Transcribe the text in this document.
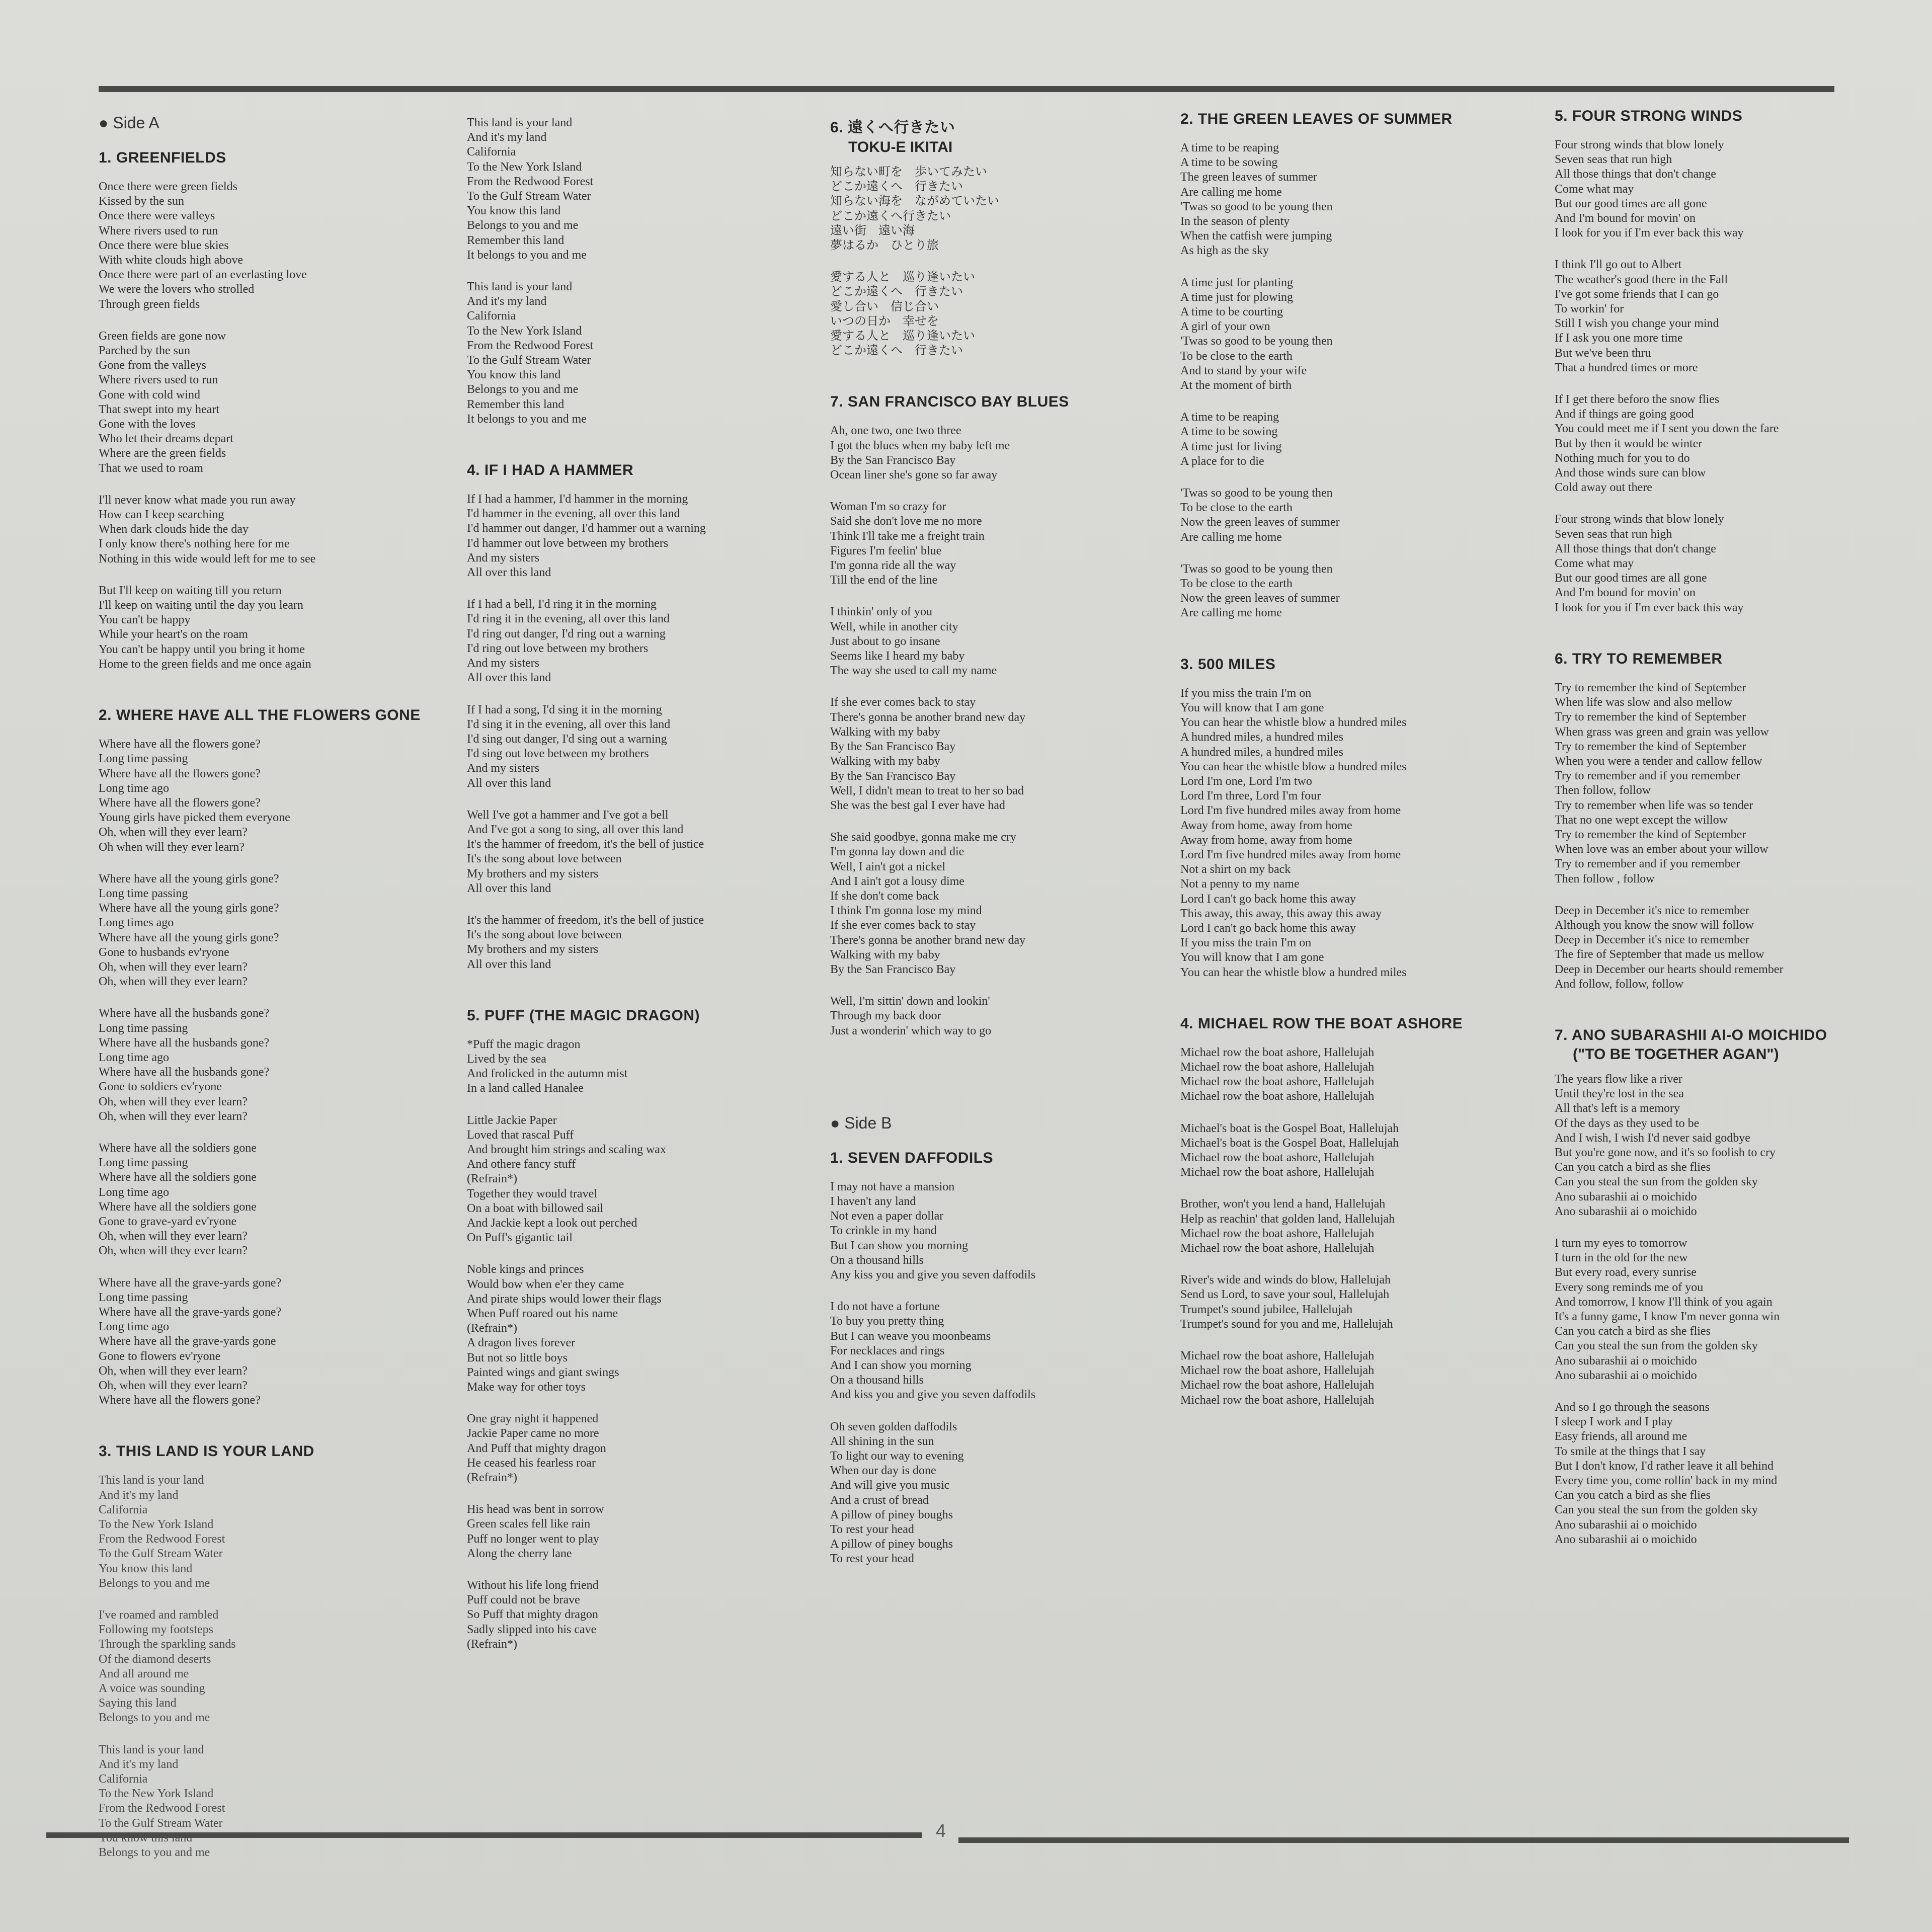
● Side A
1. GREENFIELDS
Once there were green fields
Kissed by the sun
Once there were valleys
Where rivers used to run
Once there were blue skies
With white clouds high above
Once there were part of an everlasting love
We were the lovers who strolled
Through green fields
Green fields are gone now
Parched by the sun
Gone from the valleys
Where rivers used to run
Gone with cold wind
That swept into my heart
Gone with the loves
Who let their dreams depart
Where are the green fields
That we used to roam
I'll never know what made you run away
How can I keep searching
When dark clouds hide the day
I only know there's nothing here for me
Nothing in this wide would left for me to see
But I'll keep on waiting till you return
I'll keep on waiting until the day you learn
You can't be happy
While your heart's on the roam
You can't be happy until you bring it home
Home to the green fields and me once again
2. WHERE HAVE ALL THE FLOWERS GONE
Where have all the flowers gone?
Long time passing
Where have all the flowers gone?
Long time ago
Where have all the flowers gone?
Young girls have picked them everyone
Oh, when will they ever learn?
Oh when will they ever learn?
Where have all the young girls gone?
Long time passing
Where have all the young girls gone?
Long times ago
Where have all the young girls gone?
Gone to husbands ev'ryone
Oh, when will they ever learn?
Oh, when will they ever learn?
Where have all the husbands gone?
Long time passing
Where have all the husbands gone?
Long time ago
Where have all the husbands gone?
Gone to soldiers ev'ryone
Oh, when will they ever learn?
Oh, when will they ever learn?
Where have all the soldiers gone
Long time passing
Where have all the soldiers gone
Long time ago
Where have all the soldiers gone
Gone to grave-yard ev'ryone
Oh, when will they ever learn?
Oh, when will they ever learn?
Where have all the grave-yards gone?
Long time passing
Where have all the grave-yards gone?
Long time ago
Where have all the grave-yards gone
Gone to flowers ev'ryone
Oh, when will they ever learn?
Oh, when will they ever learn?
Where have all the flowers gone?
3. THIS LAND IS YOUR LAND
This land is your land
And it's my land
California
To the New York Island
From the Redwood Forest
To the Gulf Stream Water
You know this land
Belongs to you and me
I've roamed and rambled
Following my footsteps
Through the sparkling sands
Of the diamond deserts
And all around me
A voice was sounding
Saying this land
Belongs to you and me
This land is your land
And it's my land
California
To the New York Island
From the Redwood Forest
To the Gulf Stream Water
Belongs to you and me
This land is your land
And it's my land
California
To the New York Island
From the Redwood Forest
To the Gulf Stream Water
You know this land
Belongs to you and me
Remember this land
It belongs to you and me
This land is your land
And it's my land
California
To the New York Island
From the Redwood Forest
To the Gulf Stream Water
You know this land
Belongs to you and me
Remember this land
It belongs to you and me
4. IF I HAD A HAMMER
If I had a hammer, I'd hammer in the morning
I'd hammer in the evening, all over this land
I'd hammer out danger, I'd hammer out a warning
I'd hammer out love between my brothers
And my sisters
All over this land
If I had a bell, I'd ring it in the morning
I'd ring it in the evening, all over this land
I'd ring out danger, I'd ring out a warning
I'd ring out love between my brothers
And my sisters
All over this land
If I had a song, I'd sing it in the morning
I'd sing it in the evening, all over this land
I'd sing out danger, I'd sing out a warning
I'd sing out love between my brothers
And my sisters
All over this land
Well I've got a hammer and I've got a bell
And I've got a song to sing, all over this land
It's the hammer of freedom, it's the bell of justice
It's the song about love between
My brothers and my sisters
All over this land
It's the hammer of freedom, it's the bell of justice
It's the song about love between
My brothers and my sisters
All over this land
5. PUFF (THE MAGIC DRAGON)
*Puff the magic dragon
Lived by the sea
And frolicked in the autumn mist
In a land called Hanalee
Little Jackie Paper
Loved that rascal Puff
And brought him strings and scaling wax
And othere fancy stuff
(Refrain*)
Together they would travel
On a boat with billowed sail
And Jackie kept a look out perched
On Puff's gigantic tail
Noble kings and princes
Would bow when e'er they came
And pirate ships would lower their flags
When Puff roared out his name
(Refrain*)
A dragon lives forever
But not so little boys
Painted wings and giant swings
Make way for other toys
One gray night it happened
Jackie Paper came no more
And Puff that mighty dragon
He ceased his fearless roar
(Refrain*)
His head was bent in sorrow
Green scales fell like rain
Puff no longer went to play
Along the cherry lane
Without his life long friend
Puff could not be brave
So Puff that mighty dragon
Sadly slipped into his cave
(Refrain*)
6. 遠くへ行きたい
TOKU-E IKITAI
知らない町を　歩いてみたい
どこか遠くへ　行きたい
知らない海を　ながめていたい
どこか遠くへ行きたい
遠い街　遠い海
夢はるか　ひとり旅
愛する人と　巡り逢いたい
どこか遠くへ　行きたい
愛し合い　信じ合い
いつの日か　幸せを
愛する人と　巡り逢いたい
どこか遠くへ　行きたい
7. SAN FRANCISCO BAY BLUES
Ah, one two, one two three
I got the blues when my baby left me
By the San Francisco Bay
Ocean liner she's gone so far away
Woman I'm so crazy for
Said she don't love me no more
Think I'll take me a freight train
Figures I'm feelin' blue
I'm gonna ride all the way
Till the end of the line
I thinkin' only of you
Well, while in another city
Just about to go insane
Seems like I heard my baby
The way she used to call my name
If she ever comes back to stay
There's gonna be another brand new day
Walking with my baby
By the San Francisco Bay
Walking with my baby
By the San Francisco Bay
Well, I didn't mean to treat to her so bad
She was the best gal I ever have had
She said goodbye, gonna make me cry
I'm gonna lay down and die
Well, I ain't got a nickel
And I ain't got a lousy dime
If she don't come back
I think I'm gonna lose my mind
If she ever comes back to stay
There's gonna be another brand new day
Walking with my baby
By the San Francisco Bay
Well, I'm sittin' down and lookin'
Through my back door
Just a wonderin' which way to go
● Side B
1. SEVEN DAFFODILS
I may not have a mansion
I haven't any land
Not even a paper dollar
To crinkle in my hand
But I can show you morning
On a thousand hills
Any kiss you and give you seven daffodils
I do not have a fortune
To buy you pretty thing
But I can weave you moonbeams
For necklaces and rings
And I can show you morning
On a thousand hills
And kiss you and give you seven daffodils
Oh seven golden daffodils
All shining in the sun
To light our way to evening
When our day is done
And will give you music
And a crust of bread
A pillow of piney boughs
To rest your head
A pillow of piney boughs
To rest your head
2. THE GREEN LEAVES OF SUMMER
A time to be reaping
A time to be sowing
The green leaves of summer
Are calling me home
'Twas so good to be young then
In the season of plenty
When the catfish were jumping
As high as the sky
A time just for planting
A time just for plowing
A time to be courting
A girl of your own
'Twas so good to be young then
To be close to the earth
And to stand by your wife
At the moment of birth
A time to be reaping
A time to be sowing
A time just for living
A place for to die
'Twas so good to be young then
To be close to the earth
Now the green leaves of summer
Are calling me home
'Twas so good to be young then
To be close to the earth
Now the green leaves of summer
Are calling me home
3. 500 MILES
If you miss the train I'm on
You will know that I am gone
You can hear the whistle blow a hundred miles
A hundred miles, a hundred miles
A hundred miles, a hundred miles
You can hear the whistle blow a hundred miles
Lord I'm one, Lord I'm two
Lord I'm three, Lord I'm four
Lord I'm five hundred miles away from home
Away from home, away from home
Away from home, away from home
Lord I'm five hundred miles away from home
Not a shirt on my back
Not a penny to my name
Lord I can't go back home this away
This away, this away, this away this away
Lord I can't go back home this away
If you miss the train I'm on
You will know that I am gone
You can hear the whistle blow a hundred miles
4. MICHAEL ROW THE BOAT ASHORE
Michael row the boat ashore, Hallelujah
Michael row the boat ashore, Hallelujah
Michael row the boat ashore, Hallelujah
Michael row the boat ashore, Hallelujah
Michael's boat is the Gospel Boat, Hallelujah
Michael's boat is the Gospel Boat, Hallelujah
Michael row the boat ashore, Hallelujah
Michael row the boat ashore, Hallelujah
Brother, won't you lend a hand, Hallelujah
Help as reachin' that golden land, Hallelujah
Michael row the boat ashore, Hallelujah
Michael row the boat ashore, Hallelujah
River's wide and winds do blow, Hallelujah
Send us Lord, to save your soul, Hallelujah
Trumpet's sound jubilee, Hallelujah
Trumpet's sound for you and me, Hallelujah
Michael row the boat ashore, Hallelujah
Michael row the boat ashore, Hallelujah
Michael row the boat ashore, Hallelujah
Michael row the boat ashore, Hallelujah
5. FOUR STRONG WINDS
Four strong winds that blow lonely
Seven seas that run high
All those things that don't change
Come what may
But our good times are all gone
And I'm bound for movin' on
I look for you if I'm ever back this way
I think I'll go out to Albert
The weather's good there in the Fall
I've got some friends that I can go
To workin' for
Still I wish you change your mind
If I ask you one more time
But we've been thru
That a hundred times or more
If I get there beforo the snow flies
And if things are going good
You could meet me if I sent you down the fare
But by then it would be winter
Nothing much for you to do
And those winds sure can blow
Cold away out there
Four strong winds that blow lonely
Seven seas that run high
All those things that don't change
Come what may
But our good times are all gone
And I'm bound for movin' on
I look for you if I'm ever back this way
6. TRY TO REMEMBER
Try to remember the kind of September
When life was slow and also mellow
Try to remember the kind of September
When grass was green and grain was yellow
Try to remember the kind of September
When you were a tender and callow fellow
Try to remember and if you remember
Then follow, follow
Try to remember when life was so tender
That no one wept except the willow
Try to remember the kind of September
When love was an ember about your willow
Try to remember and if you remember
Then follow , follow
Deep in December it's nice to remember
Although you know the snow will follow
Deep in December it's nice to remember
The fire of September that made us mellow
Deep in December our hearts should remember
And follow, follow, follow
7. ANO SUBARASHII AI-O MOICHIDO
("TO BE TOGETHER AGAN")
The years flow like a river
Until they're lost in the sea
All that's left is a memory
Of the days as they used to be
And I wish, I wish I'd never said godbye
But you're gone now, and it's so foolish to cry
Can you catch a bird as she flies
Can you steal the sun from the golden sky
Ano subarashii ai o moichido
Ano subarashii ai o moichido
I turn my eyes to tomorrow
I turn in the old for the new
But every road, every sunrise
Every song reminds me of you
And tomorrow, I know I'll think of you again
It's a funny game, I know I'm never gonna win
Can you catch a bird as she flies
Can you steal the sun from the golden sky
Ano subarashii ai o moichido
Ano subarashii ai o moichido
And so I go through the seasons
I sleep I work and I play
Easy friends, all around me
To smile at the things that I say
But I don't know, I'd rather leave it all behind
Every time you, come rollin' back in my mind
Can you catch a bird as she flies
Can you steal the sun from the golden sky
Ano subarashii ai o moichido
Ano subarashii ai o moichido
4
